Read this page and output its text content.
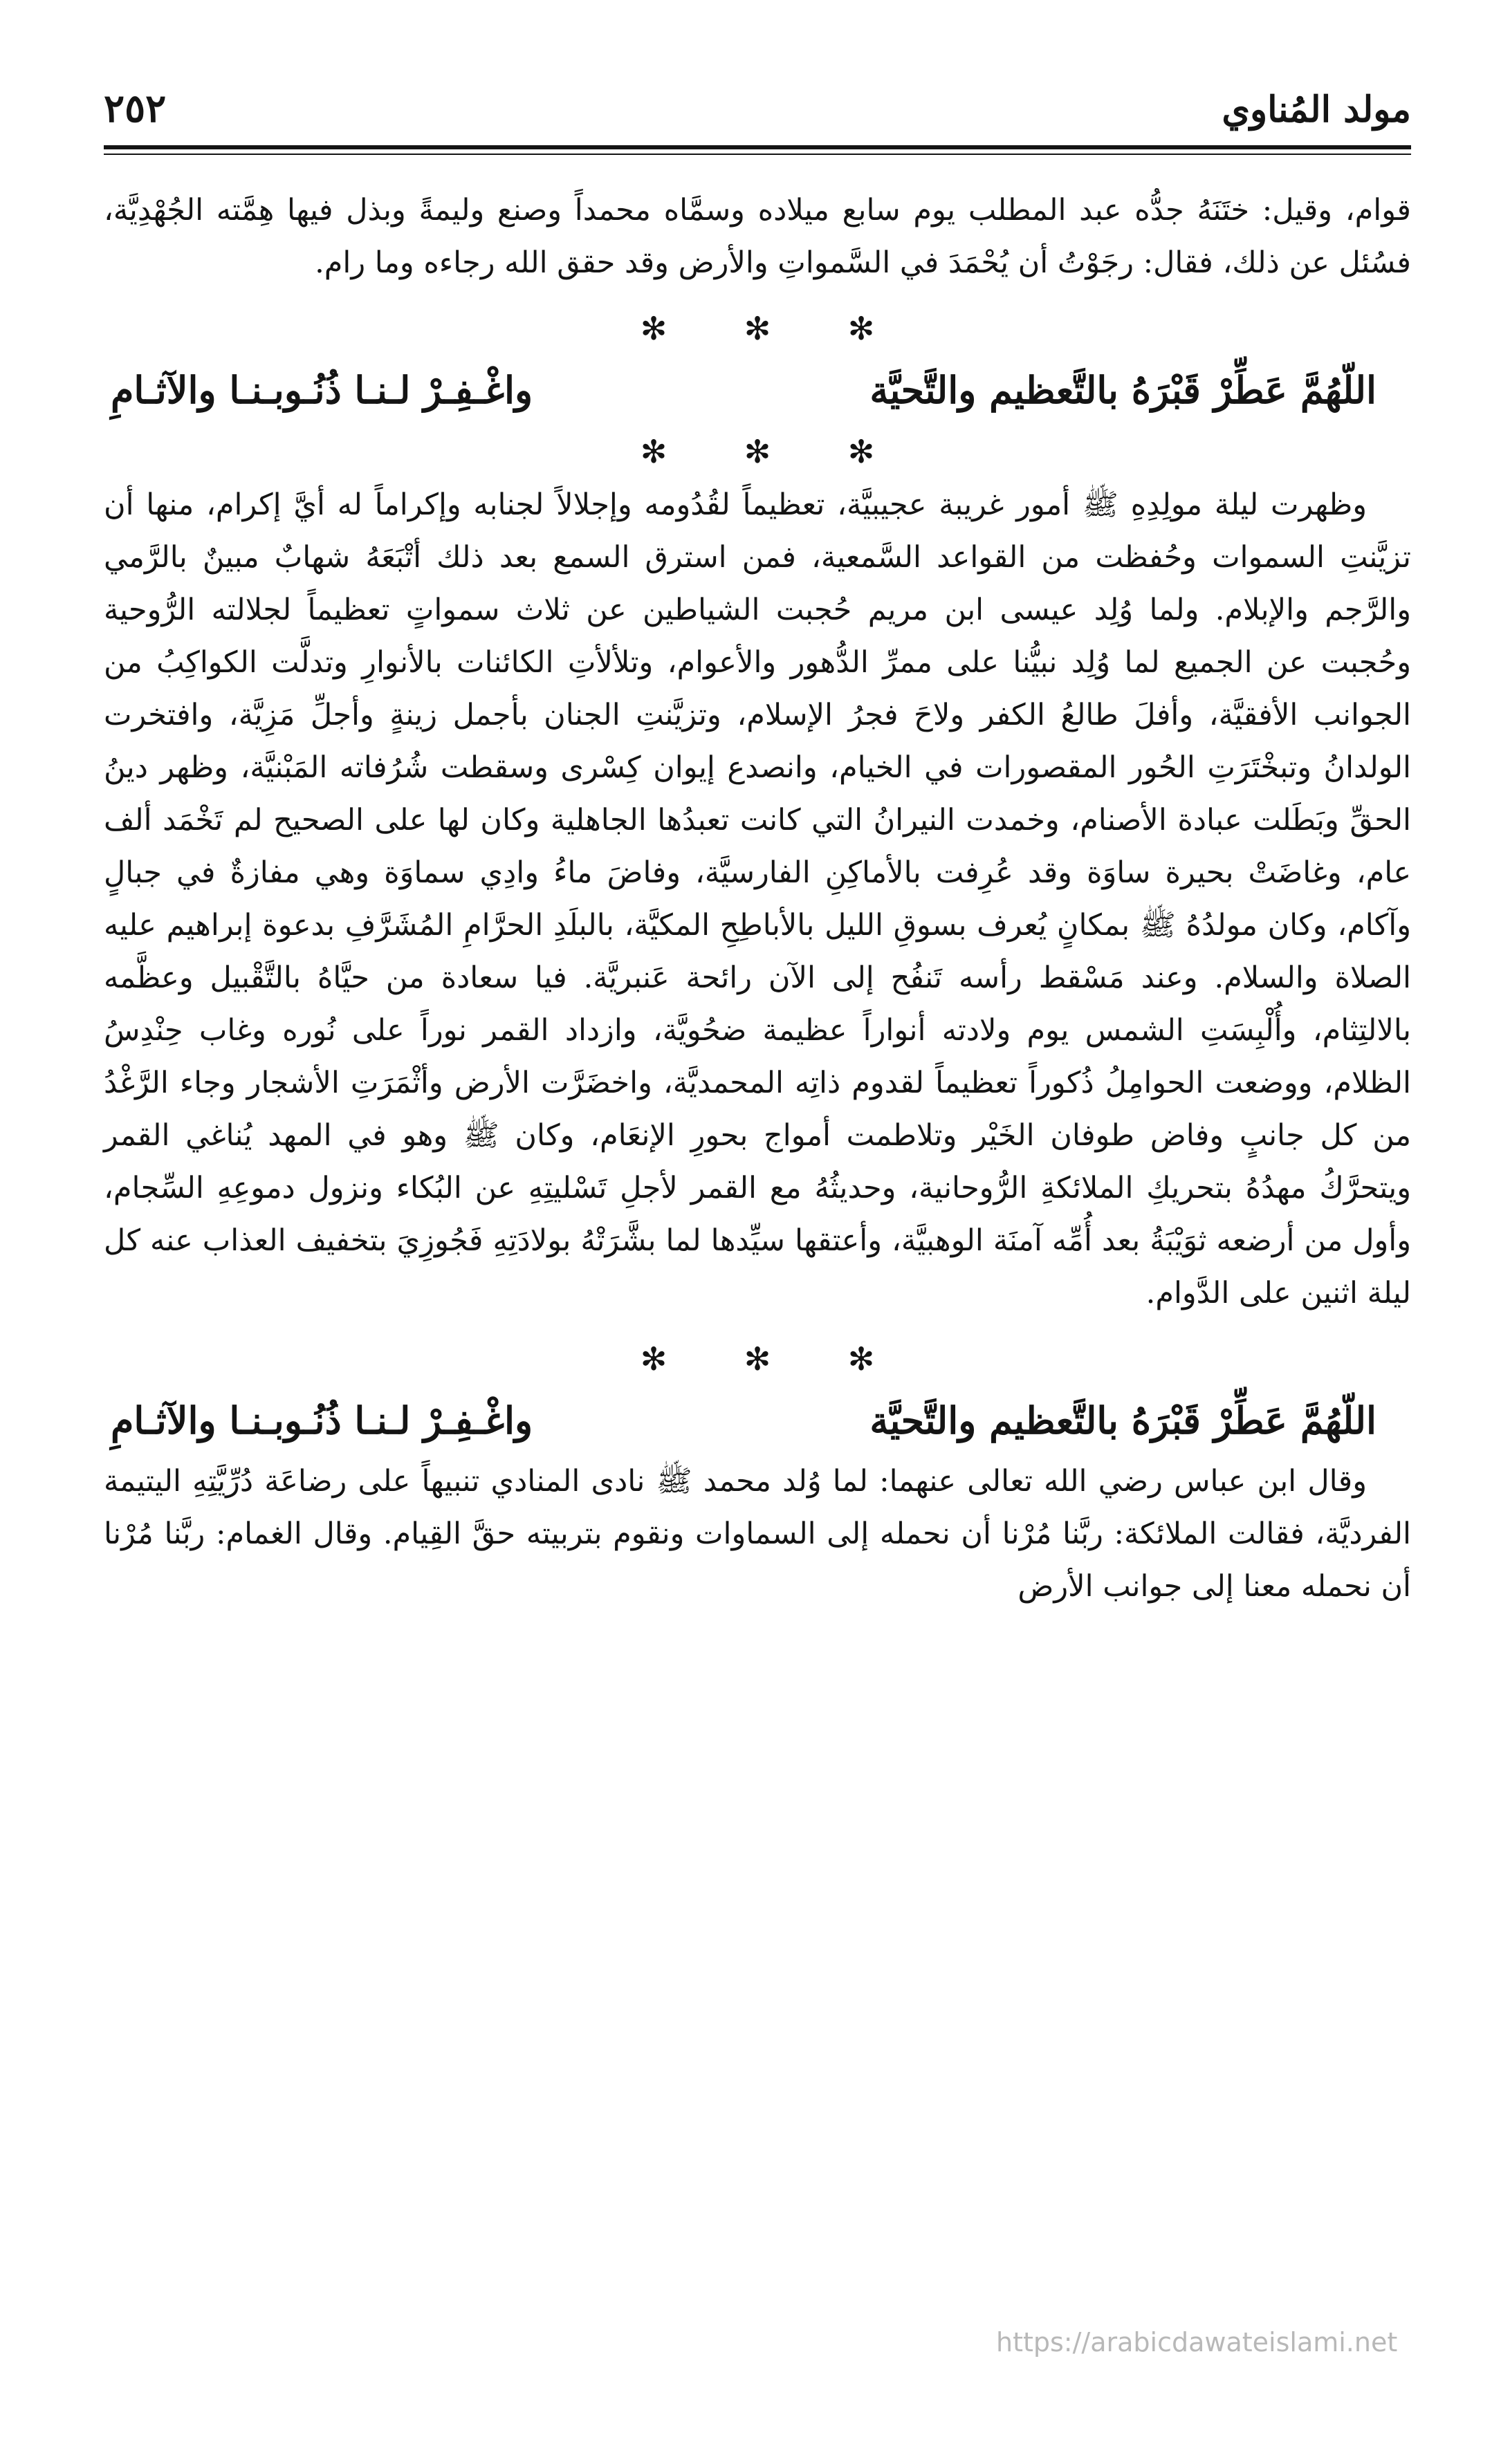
مولد المُناوي
٢٥٢

قوام، وقيل: ختَنَهُ جدُّه عبد المطلب يوم سابع ميلاده وسمَّاه محمداً وصنع وليمةً وبذل فيها هِمَّته الجُهْدِيَّة، فسُئل عن ذلك، فقال: رجَوْتُ أن يُحْمَدَ في السَّمواتِ والأرض وقد حقق الله رجاءه وما رام.

✻ ✻ ✻
اللّهُمَّ عَطِّرْ قَبْرَهُ بالتَّعظيم والتَّحيَّة
واغْـفِـرْ لـنـا ذُنُـوبـنـا والآثـامِ
✻ ✻ ✻

وظهرت ليلة مولِدِهِ ﷺ أمور غريبة عجيبيَّة، تعظيماً لقُدُومه وإجلالاً لجنابه وإكراماً له أيَّ إكرام، منها أن تزيَّنتِ السموات وحُفظت من القواعد السَّمعية، فمن استرق السمع بعد ذلك أتْبَعَهُ شهابٌ مبينٌ بالرَّمي والرَّجم والإبلام. ولما وُلِد عيسى ابن مريم حُجبت الشياطين عن ثلاث سمواتٍ تعظيماً لجلالته الرُّوحية وحُجبت عن الجميع لما وُلِد نبيُّنا على ممرِّ الدُّهور والأعوام، وتلألأتِ الكائنات بالأنوارِ وتدلَّت الكواكِبُ من الجوانب الأفقيَّة، وأفلَ طالعُ الكفر ولاحَ فجرُ الإسلام، وتزيَّنتِ الجنان بأجمل زينةٍ وأجلِّ مَزِيَّة، وافتخرت الولدانُ وتبخْتَرَتِ الحُور المقصورات في الخيام، وانصدع إيوان كِسْرى وسقطت شُرُفاته المَبْنيَّة، وظهر دينُ الحقِّ وبَطَلت عبادة الأصنام، وخمدت النيرانُ التي كانت تعبدُها الجاهلية وكان لها على الصحيح لم تَخْمَد ألف عام، وغاضَتْ بحيرة ساوَة وقد عُرِفت بالأماكِنِ الفارسيَّة، وفاضَ ماءُ وادِي سماوَة وهي مفازةٌ في جبالٍ وآكام، وكان مولدُهُ ﷺ بمكانٍ يُعرف بسوقِ الليل بالأباطِحِ المكيَّة، بالبلَدِ الحرَّامِ المُشَرَّفِ بدعوة إبراهيم عليه الصلاة والسلام. وعند مَسْقط رأسه تَنفُح إلى الآن رائحة عَنبريَّة. فيا سعادة من حيَّاهُ بالتَّقْبيل وعظَّمه بالالتِثام، وأُلْبِسَتِ الشمس يوم ولادته أنواراً عظيمة ضحُويَّة، وازداد القمر نوراً على نُوره وغاب حِنْدِسُ الظلام، ووضعت الحوامِلُ ذُكوراً تعظيماً لقدوم ذاتِه المحمديَّة، واخضَرَّت الأرض وأثْمَرَتِ الأشجار وجاء الرَّغْدُ من كل جانبٍ وفاض طوفان الخَيْر وتلاطمت أمواج بحورِ الإنعَام، وكان ﷺ وهو في المهد يُناغي القمر ويتحرَّكُ مهدُهُ بتحريكِ الملائكةِ الرُّوحانية، وحديثُهُ مع القمر لأجلِ تَسْليتِهِ عن البُكاء ونزول دموعِهِ السِّجام، وأول من أرضعه ثوَيْبَةُ بعد أُمِّه آمنَة الوهبيَّة، وأعتقها سيِّدها لما بشَّرَتْهُ بولادَتِهِ فَجُوزِيَ بتخفيف العذاب عنه كل ليلة اثنين على الدَّوام.

✻ ✻ ✻
اللّهُمَّ عَطِّرْ قَبْرَهُ بالتَّعظيم والتَّحيَّة
واغْـفِـرْ لـنـا ذُنُـوبـنـا والآثـامِ

وقال ابن عباس رضي الله تعالى عنهما: لما وُلد محمد ﷺ نادى المنادي تنبيهاً على رضاعَة دُرِّيَّتِهِ اليتيمة الفرديَّة، فقالت الملائكة: ربَّنا مُرْنا أن نحمله إلى السماوات ونقوم بتربيته حقَّ القِيام. وقال الغمام: ربَّنا مُرْنا أن نحمله معنا إلى جوانب الأرض

https://arabicdawateislami.net
